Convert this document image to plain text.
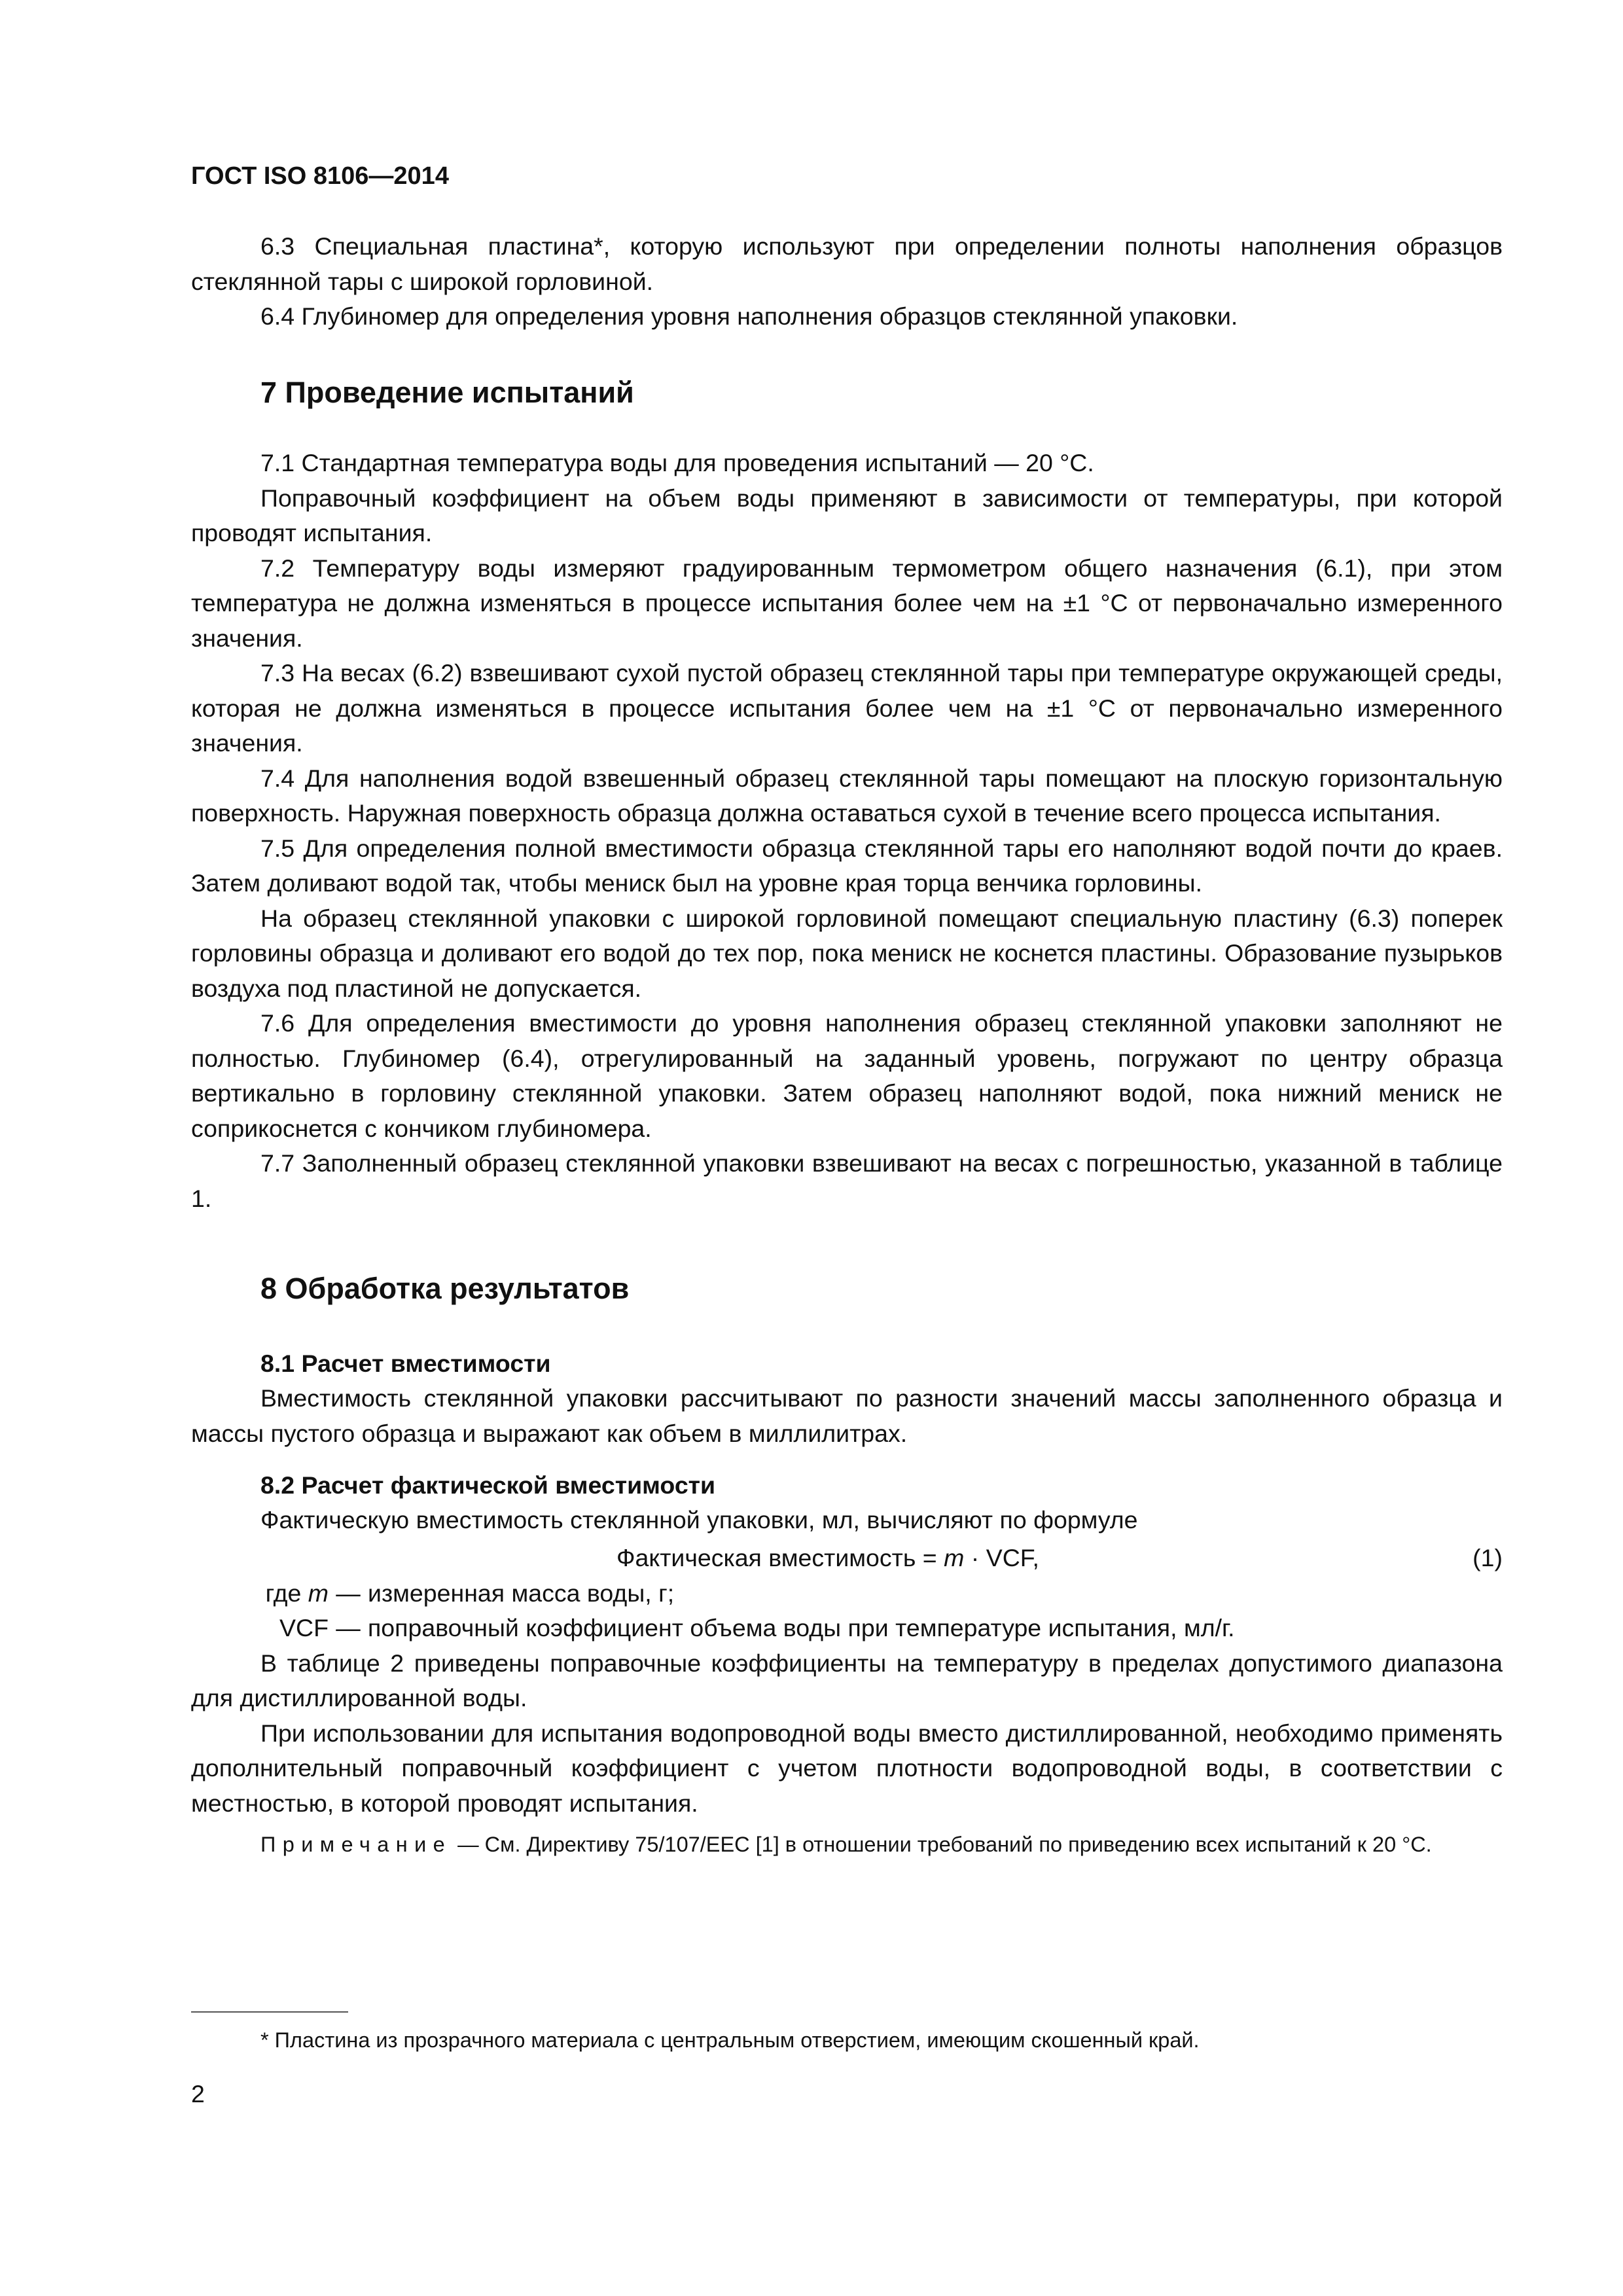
ГОСТ ISO 8106—2014

6.3 Специальная пластина*, которую используют при определении полноты наполнения образцов стеклянной тары с широкой горловиной.

6.4 Глубиномер для определения уровня наполнения образцов стеклянной упаковки.

7 Проведение испытаний

7.1 Стандартная температура воды для проведения испытаний — 20 °C.

Поправочный коэффициент на объем воды применяют в зависимости от температуры, при которой проводят испытания.

7.2 Температуру воды измеряют градуированным термометром общего назначения (6.1), при этом температура не должна изменяться в процессе испытания более чем на ±1 °C от первоначально измеренного значения.

7.3 На весах (6.2) взвешивают сухой пустой образец стеклянной тары при температуре окружающей среды, которая не должна изменяться в процессе испытания более чем на ±1 °C от первоначально измеренного значения.

7.4 Для наполнения водой взвешенный образец стеклянной тары помещают на плоскую горизонтальную поверхность. Наружная поверхность образца должна оставаться сухой в течение всего процесса испытания.

7.5 Для определения полной вместимости образца стеклянной тары его наполняют водой почти до краев. Затем доливают водой так, чтобы мениск был на уровне края торца венчика горловины.

На образец стеклянной упаковки с широкой горловиной помещают специальную пластину (6.3) поперек горловины образца и доливают его водой до тех пор, пока мениск не коснется пластины. Образование пузырьков воздуха под пластиной не допускается.

7.6 Для определения вместимости до уровня наполнения образец стеклянной упаковки заполняют не полностью. Глубиномер (6.4), отрегулированный на заданный уровень, погружают по центру образца вертикально в горловину стеклянной упаковки. Затем образец наполняют водой, пока нижний мениск не соприкоснется с кончиком глубиномера.

7.7 Заполненный образец стеклянной упаковки взвешивают на весах с погрешностью, указанной в таблице 1.

8 Обработка результатов
8.1 Расчет вместимости

Вместимость стеклянной упаковки рассчитывают по разности значений массы заполненного образца и массы пустого образца и выражают как объем в миллилитрах.

8.2 Расчет фактической вместимости

Фактическую вместимость стеклянной упаковки, мл, вычисляют по формуле

Фактическая вместимость = m · VCF,	(1)
где m — измеренная масса воды, г;
VCF — поправочный коэффициент объема воды при температуре испытания, мл/г.

В таблице 2 приведены поправочные коэффициенты на температуру в пределах допустимого диапазона для дистиллированной воды.

При использовании для испытания водопроводной воды вместо дистиллированной, необходимо применять дополнительный поправочный коэффициент с учетом плотности водопроводной воды, в соответствии с местностью, в которой проводят испытания.

Примечание — См. Директиву 75/107/ЕЕС [1] в отношении требований по приведению всех испытаний к 20 °C.

* Пластина из прозрачного материала с центральным отверстием, имеющим скошенный край.

2
